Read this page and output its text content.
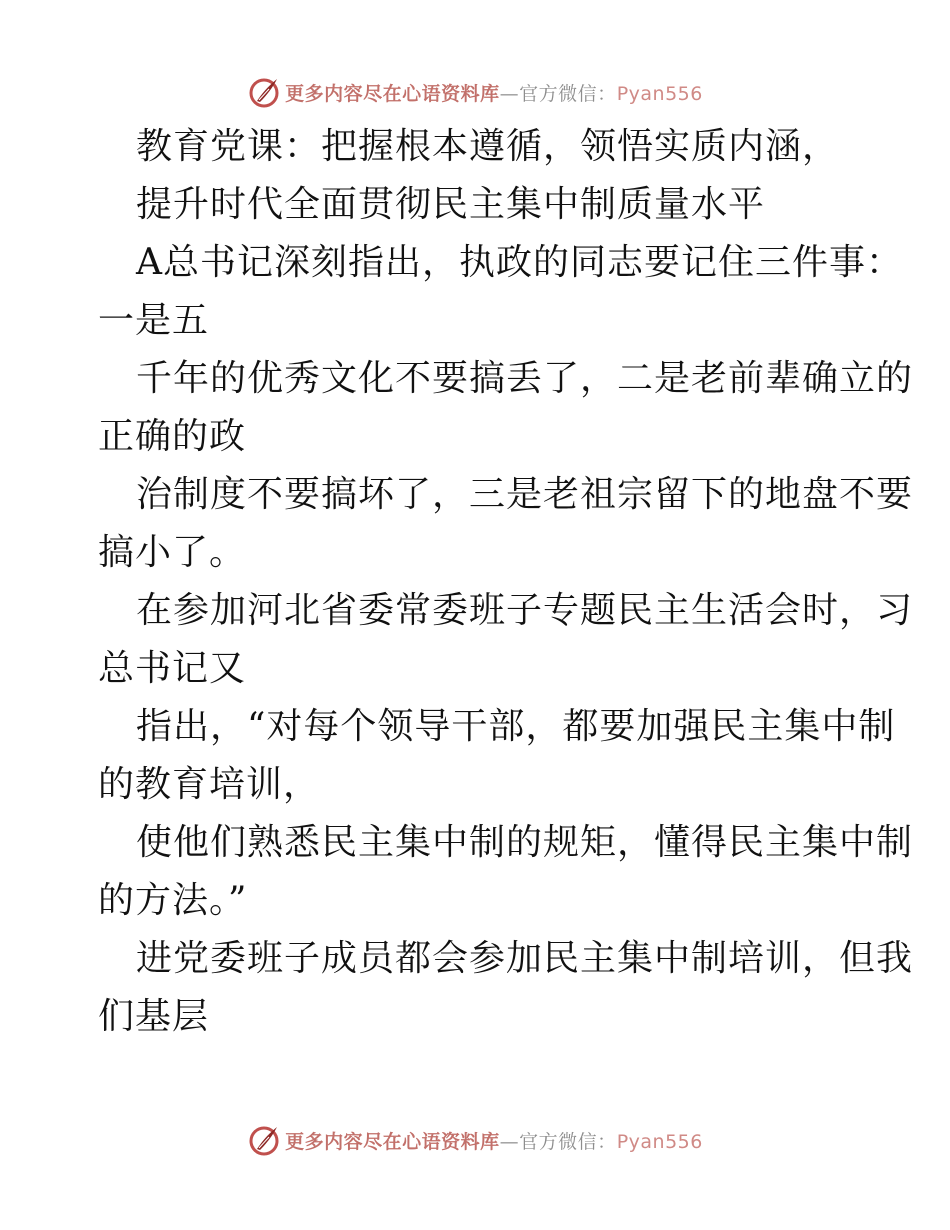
更多内容尽在心语资料库—官方微信：Pyan556
教育党课：把握根本遵循，领悟实质内涵，
提升时代全面贯彻民主集中制质量水平
A总书记深刻指出，执政的同志要记住三件事：
一是五
千年的优秀文化不要搞丢了，二是老前辈确立的
正确的政
治制度不要搞坏了，三是老祖宗留下的地盘不要
搞小了。
在参加河北省委常委班子专题民主生活会时，习
总书记又
指出，“对每个领导干部，都要加强民主集中制
的教育培训，
使他们熟悉民主集中制的规矩，懂得民主集中制
的方法。”
进党委班子成员都会参加民主集中制培训，但我
们基层
更多内容尽在心语资料库—官方微信：Pyan556
